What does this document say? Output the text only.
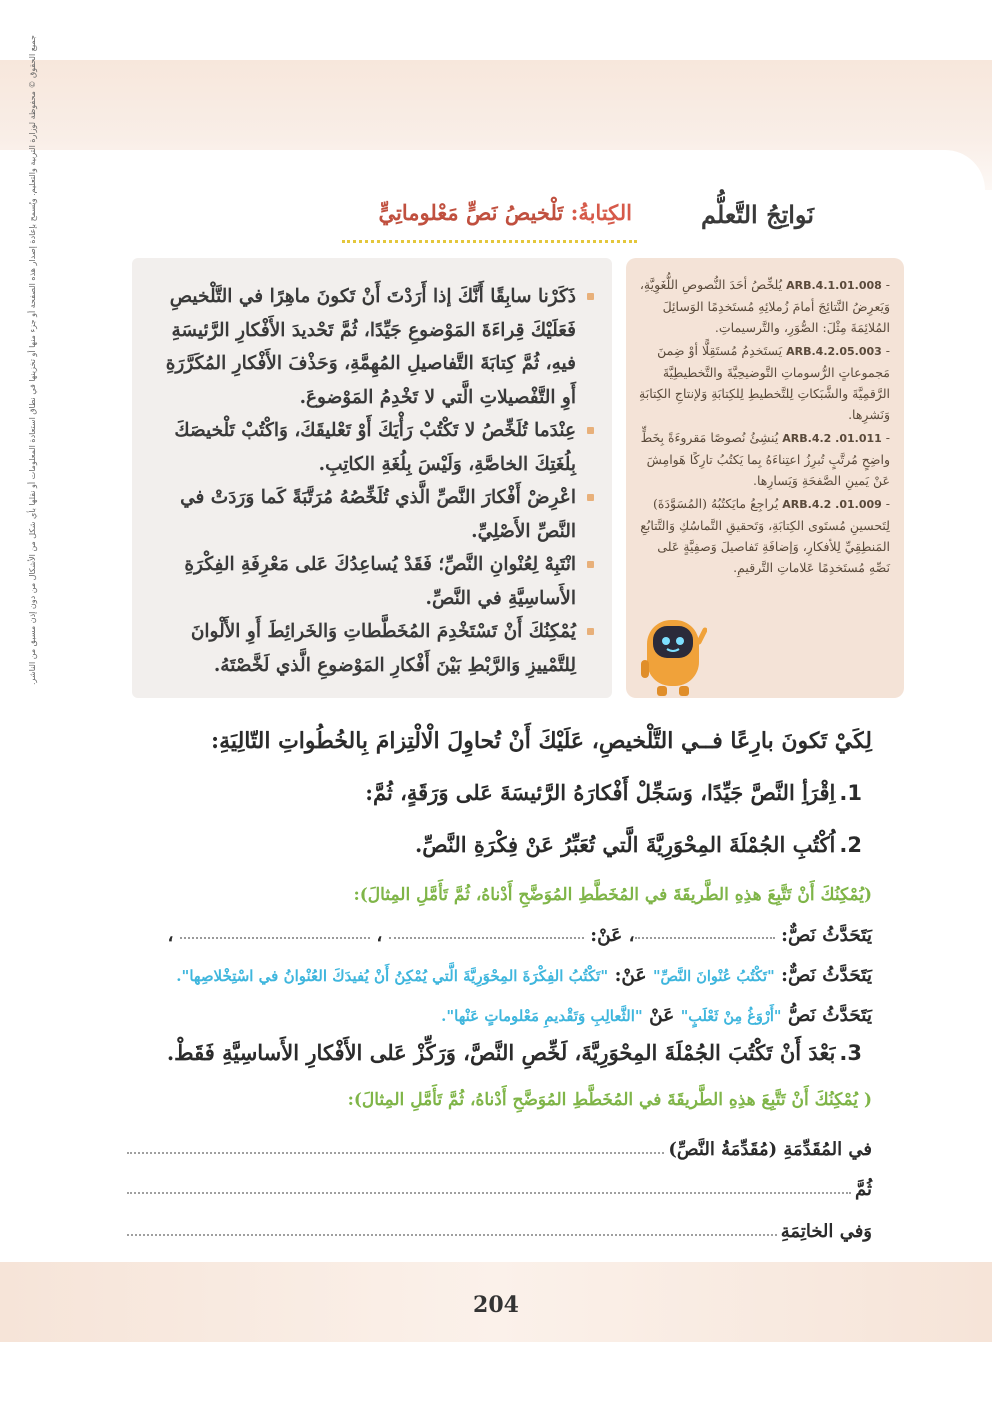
نَواتِجُ التَّعلُّم
الكِتابةُ: تَلْخيصُ نَصٍّ مَعْلوماتِيٍّ

- ARB.4.1.01.008 يُلخِّصُ أحَدَ النُّصوصِ اللُّغَوِيَّةِ، وَيَعرِضُ النَّتائِجَ أمامَ زُملائِهِ مُستَخدِمًا الوَسائِلَ المُلائِمَةَ مِثْلَ: الصُّوَرِ، والتَّرسيماتِ.

- ARB.4.2.05.003 يَستَخدِمُ مُستَقِلًّا أوْ ضِمنَ مَجموعاتٍ الرُّسوماتِ التَّوضيحِيَّةَ والتَّخطيطِيَّةَ الرَّقمِيَّةَ والشَّبَكاتِ لِلتَّخطيطِ لِلكِتابَةِ وَلإنتاجِ الكِتابَةِ وَنَشرِها.

- ARB.4.2 .01.011 يُنشِئُ نُصوصًا مَقروءَةً بِخَطٍّ واضِحٍ مُرتَّبٍ تُبرِزُ اعتِناءَهُ بِما يَكتُبُ تارِكًا هَوامِشَ عَنْ يَمينِ الصَّفحَةِ وَيَسارِها.

- ARB.4.2 .01.009 يُراجِعُ مايَكتُبُهُ (المُسَوَّدَةَ) لِتَحسينِ مُستَوى الكِتابَةِ، وَتَحقيقِ التَّماسُكِ وَالتَّتابُعِ المَنطِقِيِّ لِلأفكارِ، وَإضافَةِ تَفاصيلَ وَصفِيَّةٍ عَلى نَصِّهِ مُستَخدِمًا عَلاماتِ التَّرقيمِ.

ذَكَرْنا سابِقًا أَنَّكَ إذا أَرَدْتَ أَنْ تَكونَ ماهِرًا في التَّلْخيصِ فَعَلَيْكَ قِراءَةَ المَوْضوعِ جَيِّدًا، ثُمَّ تَحْديدَ الأَفْكارِ الرَّئيسَةِ فيهِ، ثُمَّ كِتابَةَ التَّفاصيلِ المُهِمَّةِ، وَحَذْفَ الأَفْكارِ المُكَرَّرَةِ أَوِ التَّفْصيلاتِ الَّتي لا تَخْدِمُ المَوْضوعَ.

عِنْدَما تُلَخِّصُ لا تَكْتُبْ رَأْيَكَ أَوْ تَعْليقَكَ، وَاكْتُبْ تَلْخيصَكَ بِلُغَتِكَ الخاصَّةِ، وَلَيْسَ بِلُغَةِ الكاتِبِ.

اعْرِضْ أَفْكارَ النَّصِّ الَّذي تُلَخِّصُهُ مُرَتَّبَةً كَما وَرَدَتْ في النَّصِّ الأَصْلِيِّ.

انْتَبِهْ لِعُنْوانِ النَّصِّ؛ فَقَدْ يُساعِدُكَ عَلى مَعْرِفَةِ الفِكْرَةِ الأَساسِيَّةِ في النَّصِّ.

يُمْكِنُكَ أَنْ تَسْتَخْدِمَ المُخَطَّطاتِ وَالخَرائِطَ أَوِ الأَلْوانَ لِلتَّمْييزِ وَالرَّبْطِ بَيْنَ أَفْكارِ المَوْضوعِ الَّذي لَخَّصْتَهُ.

لِكَيْ تَكونَ بارِعًا فــي التَّلْخيصِ، عَلَيْكَ أَنْ تُحاوِلَ الْالْتِزامَ بِالخُطُواتِ التّالِيَةِ:

1.اِقْرَأِ النَّصَّ جَيِّدًا، وَسَجِّلْ أَفْكارَهُ الرَّئيسَةَ عَلى وَرَقَةٍ، ثُمَّ:

2.اُكْتُبِ الجُمْلَةَ المِحْوَرِيَّةَ الَّتي تُعَبِّرُ عَنْ فِكْرَةِ النَّصِّ.

(يُمْكِنُكَ أَنْ تَتَّبِعَ هذِهِ الطَّريقَةَ في المُخَطَّطِ المُوَضَّحِ أَدْناهُ، ثُمَّ تَأَمَّلِ المِثالَ):

يَتَحَدَّثُ نَصٌّ: ، عَنْ:  ،  ،

يَتَحَدَّثُ نَصٌّ: "تَكْتُبُ عُنْوانَ النَّصِّ" عَنْ: "تَكْتُبُ الفِكْرَةَ المِحْوَرِيَّةَ الَّتي يُمْكِنُ أَنْ يُفيدَكَ العُنْوانُ في اسْتِخْلاصِها".

يَتَحَدَّثُ نَصُّ "أَرْوَغُ مِنْ ثَعْلَبٍ" عَنْ "الثَّعالِبِ وَتَقْديمِ مَعْلوماتٍ عَنْها".

3.بَعْدَ أَنْ تَكْتُبَ الجُمْلَةَ المِحْوَرِيَّةَ، لَخِّصِ النَّصَّ، وَرَكِّزْ عَلى الأَفْكارِ الأَساسِيَّةِ فَقَطْ.

( يُمْكِنُكَ أَنْ تَتَّبِعَ هذِهِ الطَّريقَةَ في المُخَطَّطِ المُوَضَّحِ أَدْناهُ، ثُمَّ تَأَمَّلِ المِثالَ):

في المُقَدِّمَةِ (مُقَدِّمَةُ النَّصِّ)
ثُمَّ
وَفي الخاتِمَةِ
جميع الحقوق © محفوظة لوزارة التربية والتعليم. ويُسمح بإعادة إصدار هذه الصفحة أو جزء منها أو تخزينها في نطاق استعادة المعلومات أو نقلها بأي شكل من الأشكال من دون إذن مسبق من الناشر.
204
